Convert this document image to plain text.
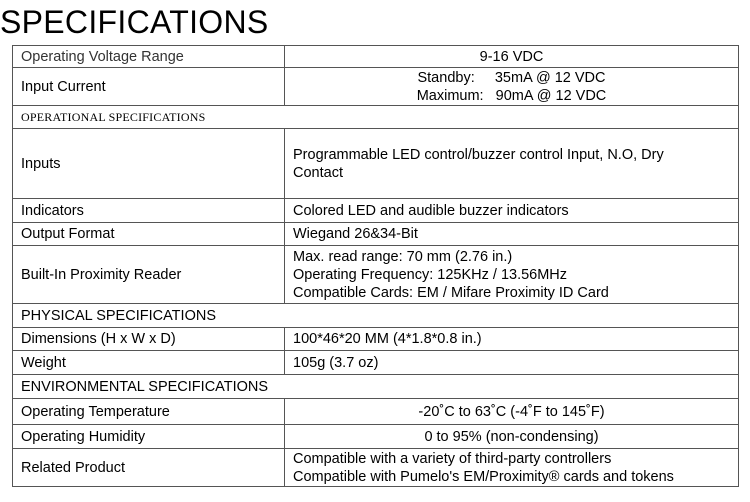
SPECIFICATIONS
Operating Voltage Range	9-16 VDC
Input Current	Standby:     35mA @ 12 VDC
Maximum:   90mA @ 12 VDC

OPERATIONAL SPECIFICATIONS	
Inputs	Programmable LED control/buzzer control Input, N.O, Dry
Contact

Indicators	Colored LED and audible buzzer indicators
Output Format	Wiegand 26&34-Bit
Built-In Proximity Reader	Max. read range: 70 mm (2.76 in.)
Operating Frequency: 125KHz / 13.56MHz
Compatible Cards: EM / Mifare Proximity ID Card

PHYSICAL SPECIFICATIONS	
Dimensions (H x W x D)	100*46*20 MM (4*1.8*0.8 in.)
Weight	105g (3.7 oz)
ENVIRONMENTAL SPECIFICATIONS	
Operating Temperature	-20˚C to 63˚C (-4˚F to 145˚F)
Operating Humidity	0 to 95% (non-condensing)
Related Product	Compatible with a variety of third-party controllers
Compatible with Pumelo's EM/Proximity® cards and tokens
